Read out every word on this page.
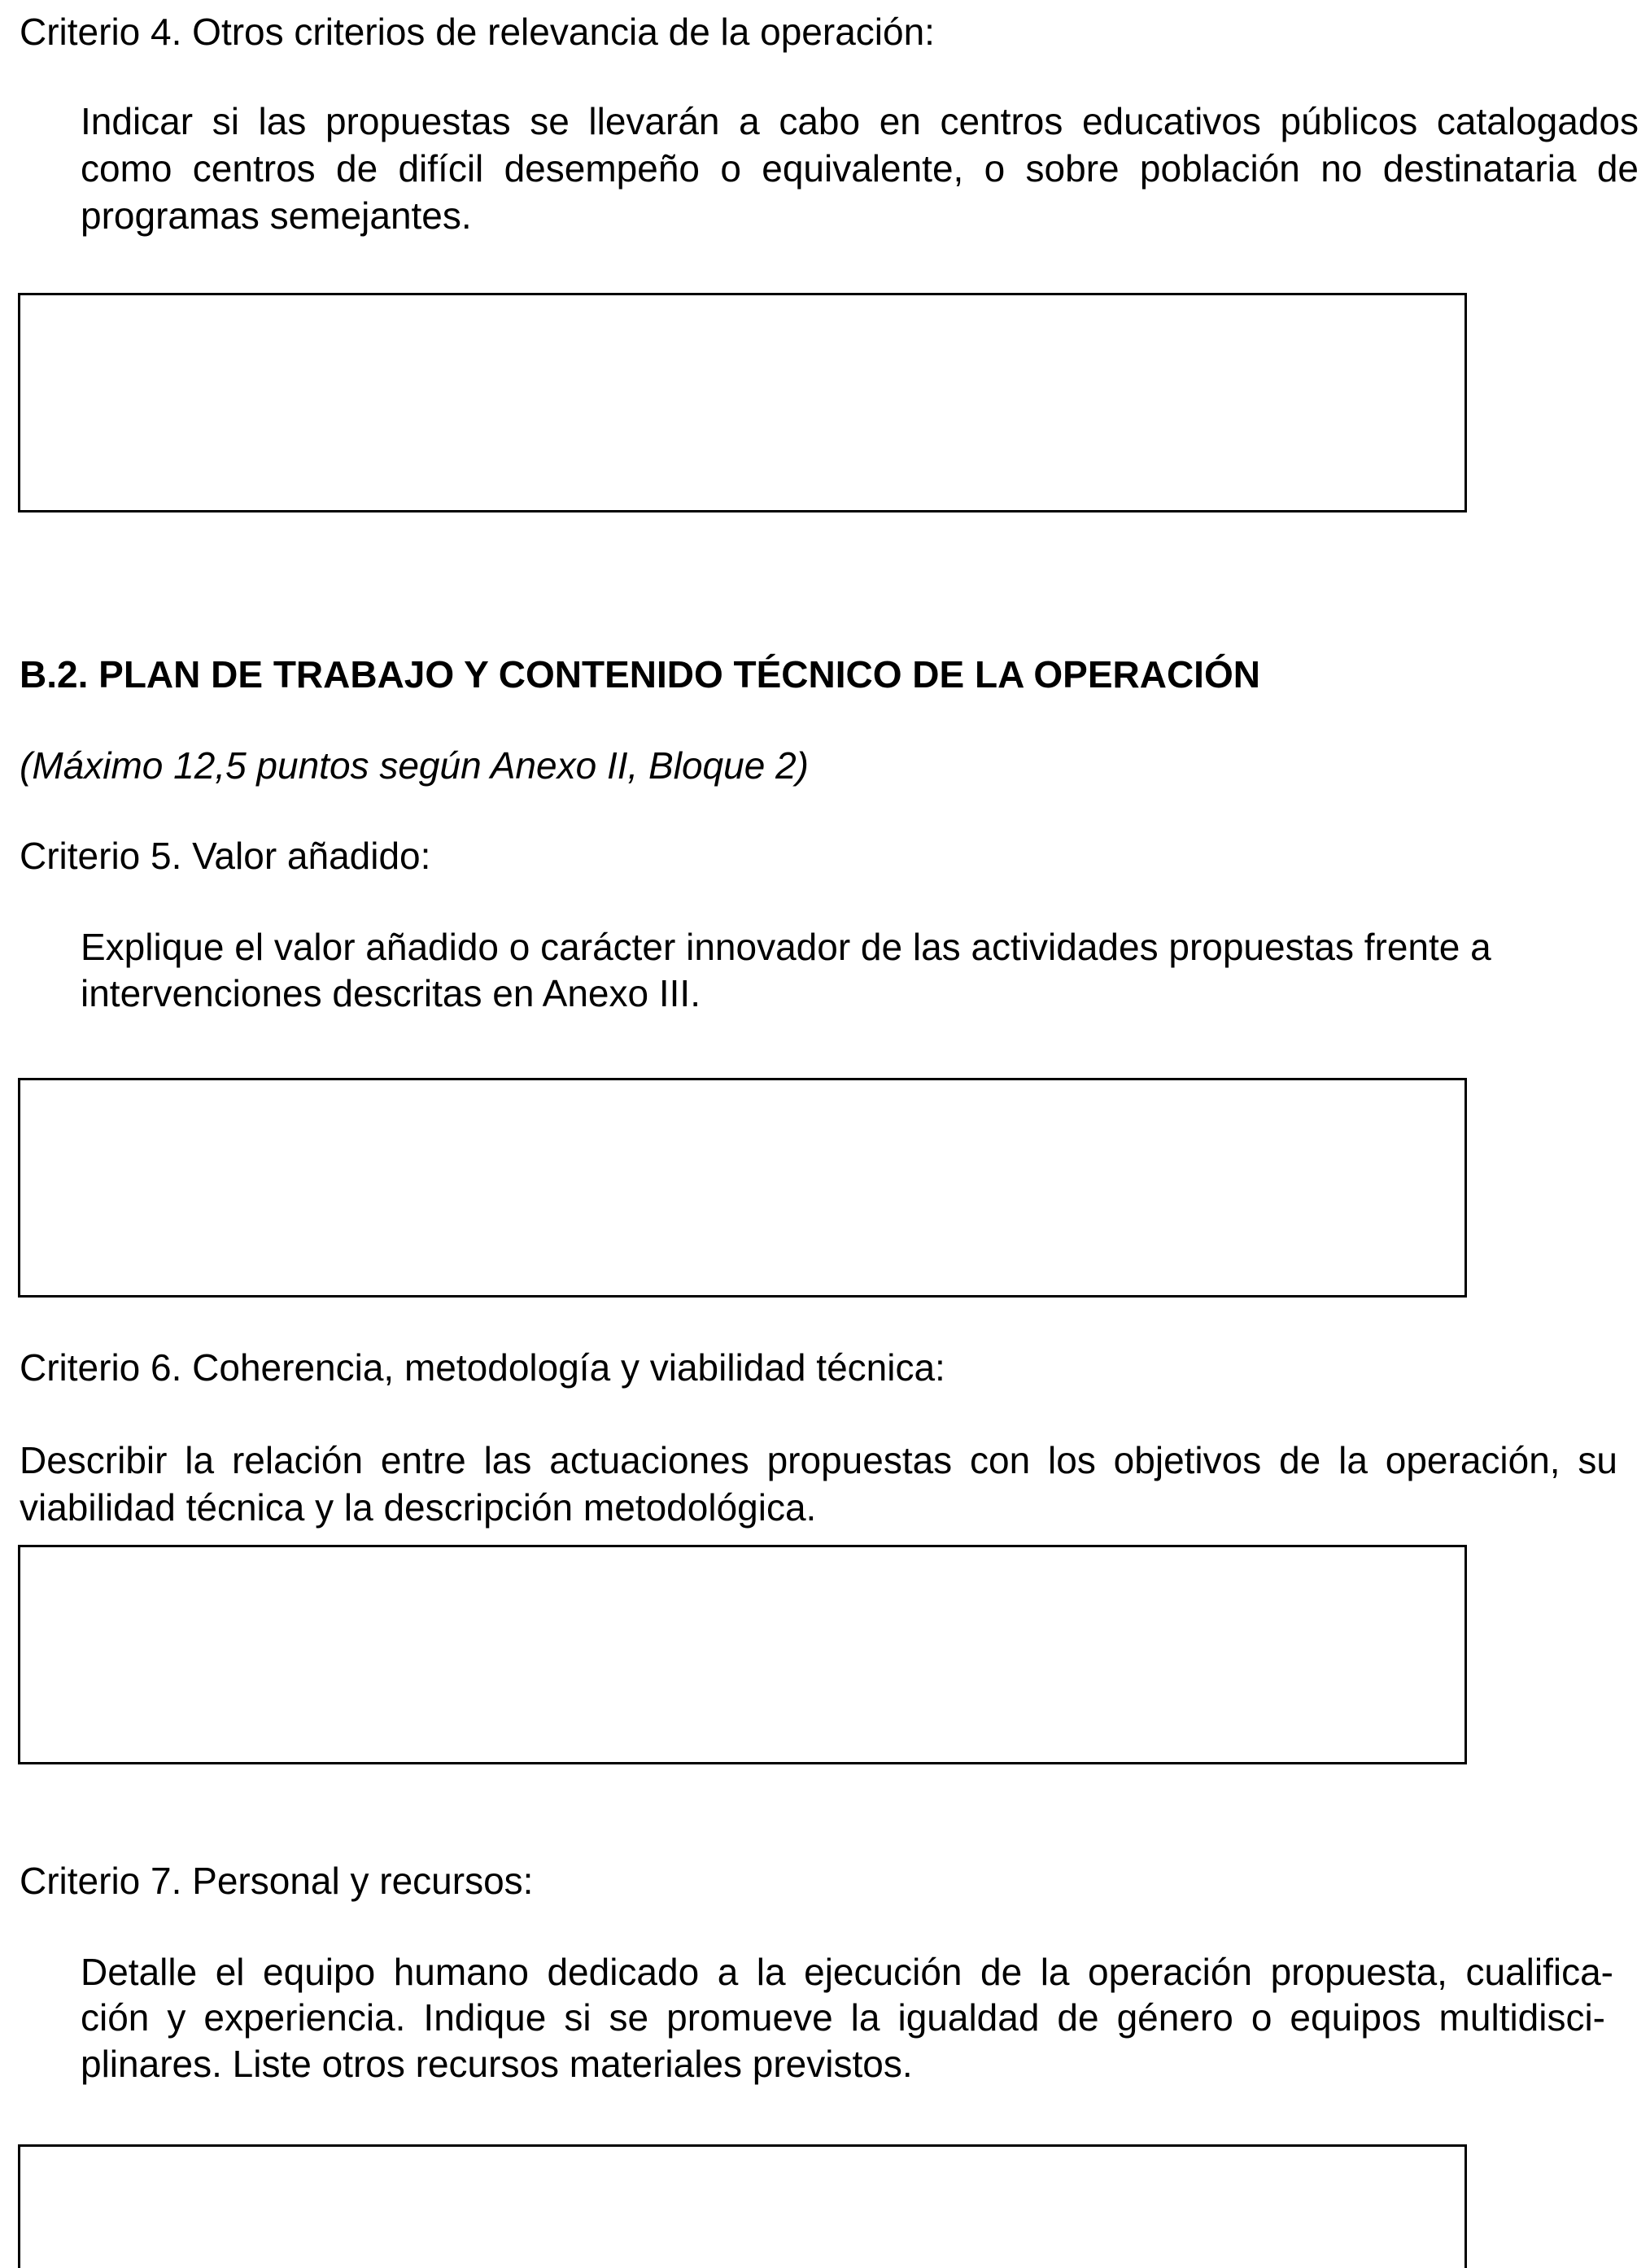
Criterio 4. Otros criterios de relevancia de la operación:

Indicar si las propuestas se llevarán a cabo en centros educativos públicos catalogados

como centros de difícil desempeño o equivalente, o sobre población no destinataria de

programas semejantes.

B.2. PLAN DE TRABAJO Y CONTENIDO TÉCNICO DE LA OPERACIÓN

(Máximo 12,5 puntos según Anexo II, Bloque 2)

Criterio 5. Valor añadido:

Explique el valor añadido o carácter innovador de las actividades propuestas frente a

intervenciones descritas en Anexo III.

Criterio 6. Coherencia, metodología y viabilidad técnica:

Describir la relación entre las actuaciones propuestas con los objetivos de la operación, su

viabilidad técnica y la descripción metodológica.

Criterio 7. Personal y recursos:

Detalle el equipo humano dedicado a la ejecución de la operación propuesta, cualifica-

ción y experiencia. Indique si se promueve la igualdad de género o equipos multidisci-

plinares. Liste otros recursos materiales previstos.
